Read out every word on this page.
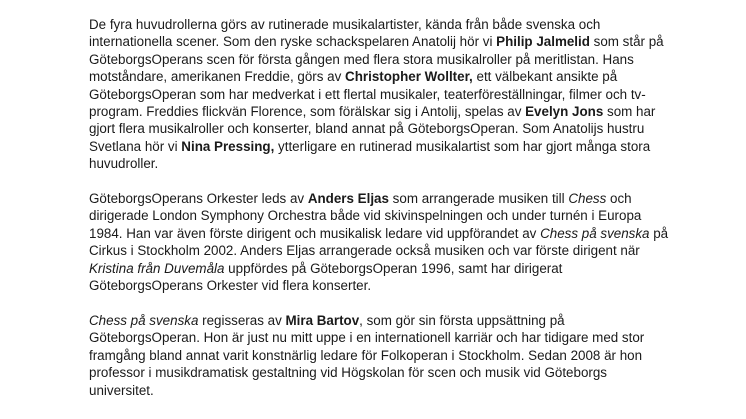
De fyra huvudrollerna görs av rutinerade musikalartister, kända från både svenska och internationella scener. Som den ryske schackspelaren Anatolij hör vi Philip Jalmelid som står på GöteborgsOperans scen för första gången med flera stora musikalroller på meritlistan. Hans motståndare, amerikanen Freddie, görs av Christopher Wollter, ett välbekant ansikte på GöteborgsOperan som har medverkat i ett flertal musikaler, teaterföreställningar, filmer och tv-program. Freddies flickvän Florence, som förälskar sig i Antolij, spelas av Evelyn Jons som har gjort flera musikalroller och konserter, bland annat på GöteborgsOperan. Som Anatolijs hustru Svetlana hör vi Nina Pressing, ytterligare en rutinerad musikalartist som har gjort många stora huvudroller.

GöteborgsOperans Orkester leds av Anders Eljas som arrangerade musiken till Chess och dirigerade London Symphony Orchestra både vid skivinspelningen och under turnén i Europa 1984. Han var även förste dirigent och musikalisk ledare vid uppförandet av Chess på svenska på Cirkus i Stockholm 2002. Anders Eljas arrangerade också musiken och var förste dirigent när Kristina från Duvemåla uppfördes på GöteborgsOperan 1996, samt har dirigerat GöteborgsOperans Orkester vid flera konserter.

Chess på svenska regisseras av Mira Bartov, som gör sin första uppsättning på GöteborgsOperan. Hon är just nu mitt uppe i en internationell karriär och har tidigare med stor framgång bland annat varit konstnärlig ledare för Folkoperan i Stockholm. Sedan 2008 är hon professor i musikdramatisk gestaltning vid Högskolan för scen och musik vid Göteborgs universitet.
